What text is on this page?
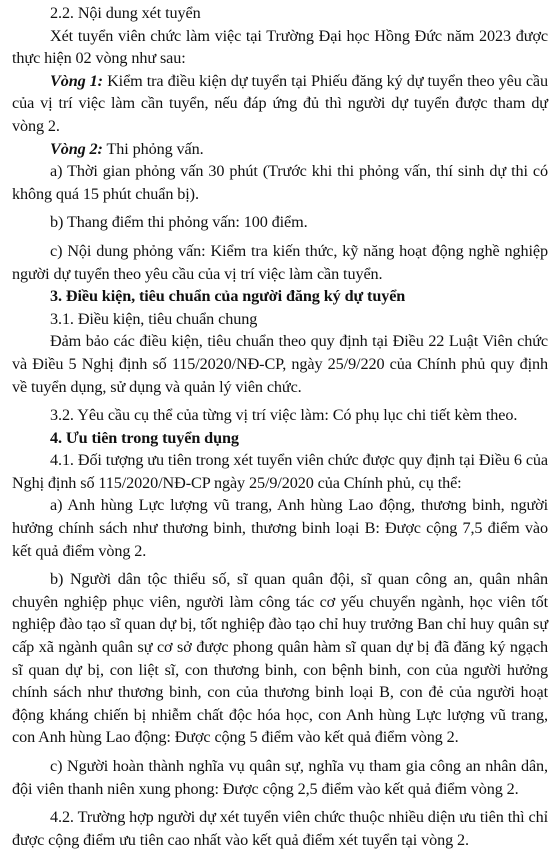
2.2. Nội dung xét tuyển

Xét tuyển viên chức làm việc tại Trường Đại học Hồng Đức năm 2023 được thực hiện 02 vòng như sau:

Vòng 1: Kiểm tra điều kiện dự tuyển tại Phiếu đăng ký dự tuyển theo yêu cầu của vị trí việc làm cần tuyển, nếu đáp ứng đủ thì người dự tuyển được tham dự vòng 2.

Vòng 2: Thi phỏng vấn.

a) Thời gian phỏng vấn 30 phút (Trước khi thi phỏng vấn, thí sinh dự thi có không quá 15 phút chuẩn bị).

b) Thang điểm thi phỏng vấn: 100 điểm.

c) Nội dung phỏng vấn: Kiểm tra kiến thức, kỹ năng hoạt động nghề nghiệp người dự tuyển theo yêu cầu của vị trí việc làm cần tuyển.

3. Điều kiện, tiêu chuẩn của người đăng ký dự tuyển

3.1. Điều kiện, tiêu chuẩn chung

Đảm bảo các điều kiện, tiêu chuẩn theo quy định tại Điều 22 Luật Viên chức và Điều 5 Nghị định số 115/2020/NĐ-CP, ngày 25/9/220 của Chính phủ quy định về tuyển dụng, sử dụng và quản lý viên chức.

3.2. Yêu cầu cụ thể của từng vị trí việc làm: Có phụ lục chi tiết kèm theo.

4. Ưu tiên trong tuyển dụng

4.1. Đối tượng ưu tiên trong xét tuyển viên chức được quy định tại Điều 6 của Nghị định số 115/2020/NĐ-CP ngày 25/9/2020 của Chính phủ, cụ thể:

a) Anh hùng Lực lượng vũ trang, Anh hùng Lao động, thương binh, người hưởng chính sách như thương binh, thương binh loại B: Được cộng 7,5 điểm vào kết quả điểm vòng 2.

b) Người dân tộc thiểu số, sĩ quan quân đội, sĩ quan công an, quân nhân chuyên nghiệp phục viên, người làm công tác cơ yếu chuyển ngành, học viên tốt nghiệp đào tạo sĩ quan dự bị, tốt nghiệp đào tạo chỉ huy trưởng Ban chỉ huy quân sự cấp xã ngành quân sự cơ sở được phong quân hàm sĩ quan dự bị đã đăng ký ngạch sĩ quan dự bị, con liệt sĩ, con thương binh, con bệnh binh, con của người hưởng chính sách như thương binh, con của thương binh loại B, con đẻ của người hoạt động kháng chiến bị nhiễm chất độc hóa học, con Anh hùng Lực lượng vũ trang, con Anh hùng Lao động: Được cộng 5 điểm vào kết quả điểm vòng 2.

c) Người hoàn thành nghĩa vụ quân sự, nghĩa vụ tham gia công an nhân dân, đội viên thanh niên xung phong: Được cộng 2,5 điểm vào kết quả điểm vòng 2.

4.2. Trường hợp người dự xét tuyển viên chức thuộc nhiều diện ưu tiên thì chỉ được cộng điểm ưu tiên cao nhất vào kết quả điểm xét tuyển tại vòng 2.
